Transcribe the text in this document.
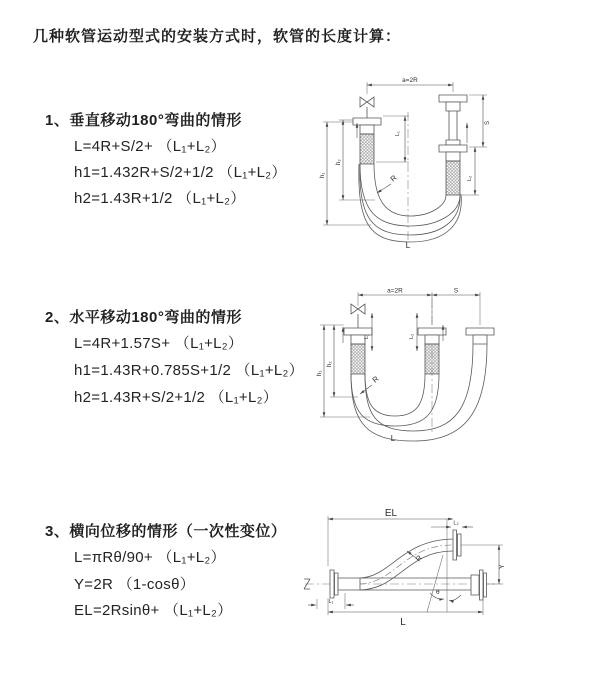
几种软管运动型式的安装方式时，软管的长度计算：
1、垂直移动180°弯曲的情形
L=4R+S/2+ （L₁+L₂）
h1=1.432R+S/2+1/2 （L₁+L₂）
h2=1.43R+1/2 （L₁+L₂）
2、水平移动180°弯曲的情形
L=4R+1.57S+ （L₁+L₂）
h1=1.43R+0.785S+1/2 （L₁+L₂）
h2=1.43R+S/2+1/2 （L₁+L₂）
3、横向位移的情形（一次性变位）
L=πRθ/90+ （L₁+L₂）
Y=2R （1-cosθ）
EL=2Rsinθ+ （L₁+L₂）
a=2R
h₁
h₂
L₁
S
L₂
R
L
a=2R	S
h₁
h₂
L₁	L₂
R
L
EL
L₂
Y
R
θ
L
L₁
